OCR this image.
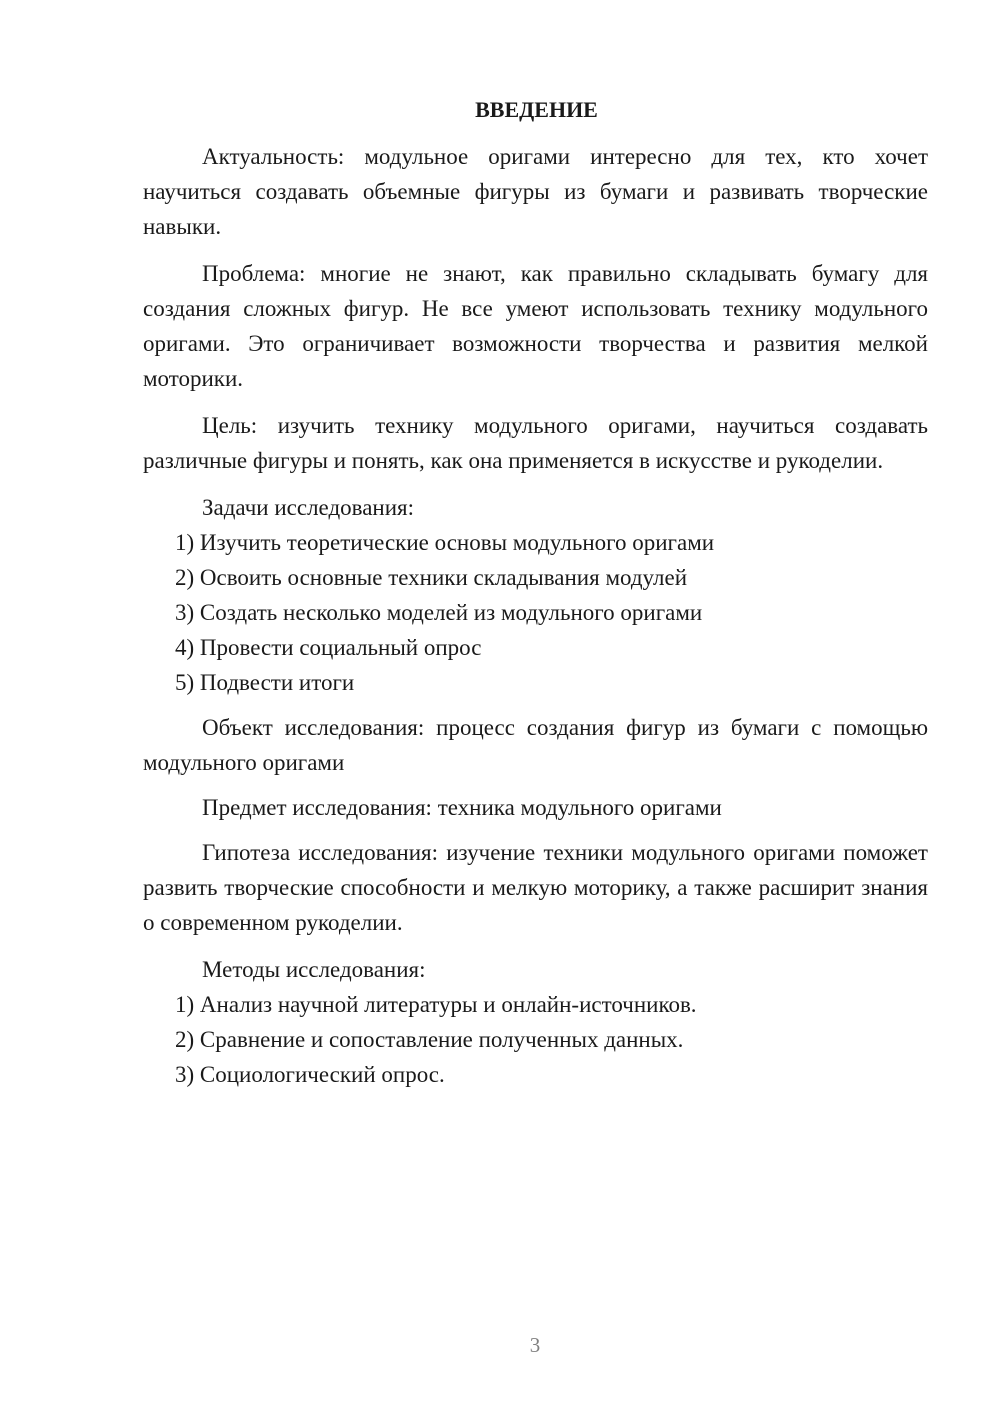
ВВЕДЕНИЕ

Актуальность: модульное оригами интересно для тех, кто хочет научиться создавать объемные фигуры из бумаги и развивать творческие навыки.

Проблема: многие не знают, как правильно складывать бумагу для создания сложных фигур. Не все умеют использовать технику модульного оригами. Это ограничивает возможности творчества и развития мелкой моторики.

Цель: изучить технику модульного оригами, научиться создавать различные фигуры и понять, как она применяется в искусстве и рукоделии.

Задачи исследования:

1) Изучить теоретические основы модульного оригами

2) Освоить основные техники складывания модулей

3) Создать несколько моделей из модульного оригами

4) Провести социальный опрос

5) Подвести итоги

Объект исследования: процесс создания фигур из бумаги с помощью модульного оригами

Предмет исследования: техника модульного оригами

Гипотеза исследования: изучение техники модульного оригами поможет развить творческие способности и мелкую моторику, а также расширит знания о современном рукоделии.

Методы исследования:

1) Анализ научной литературы и онлайн-источников.

2) Сравнение и сопоставление полученных данных.

3) Социологический опрос.

3
